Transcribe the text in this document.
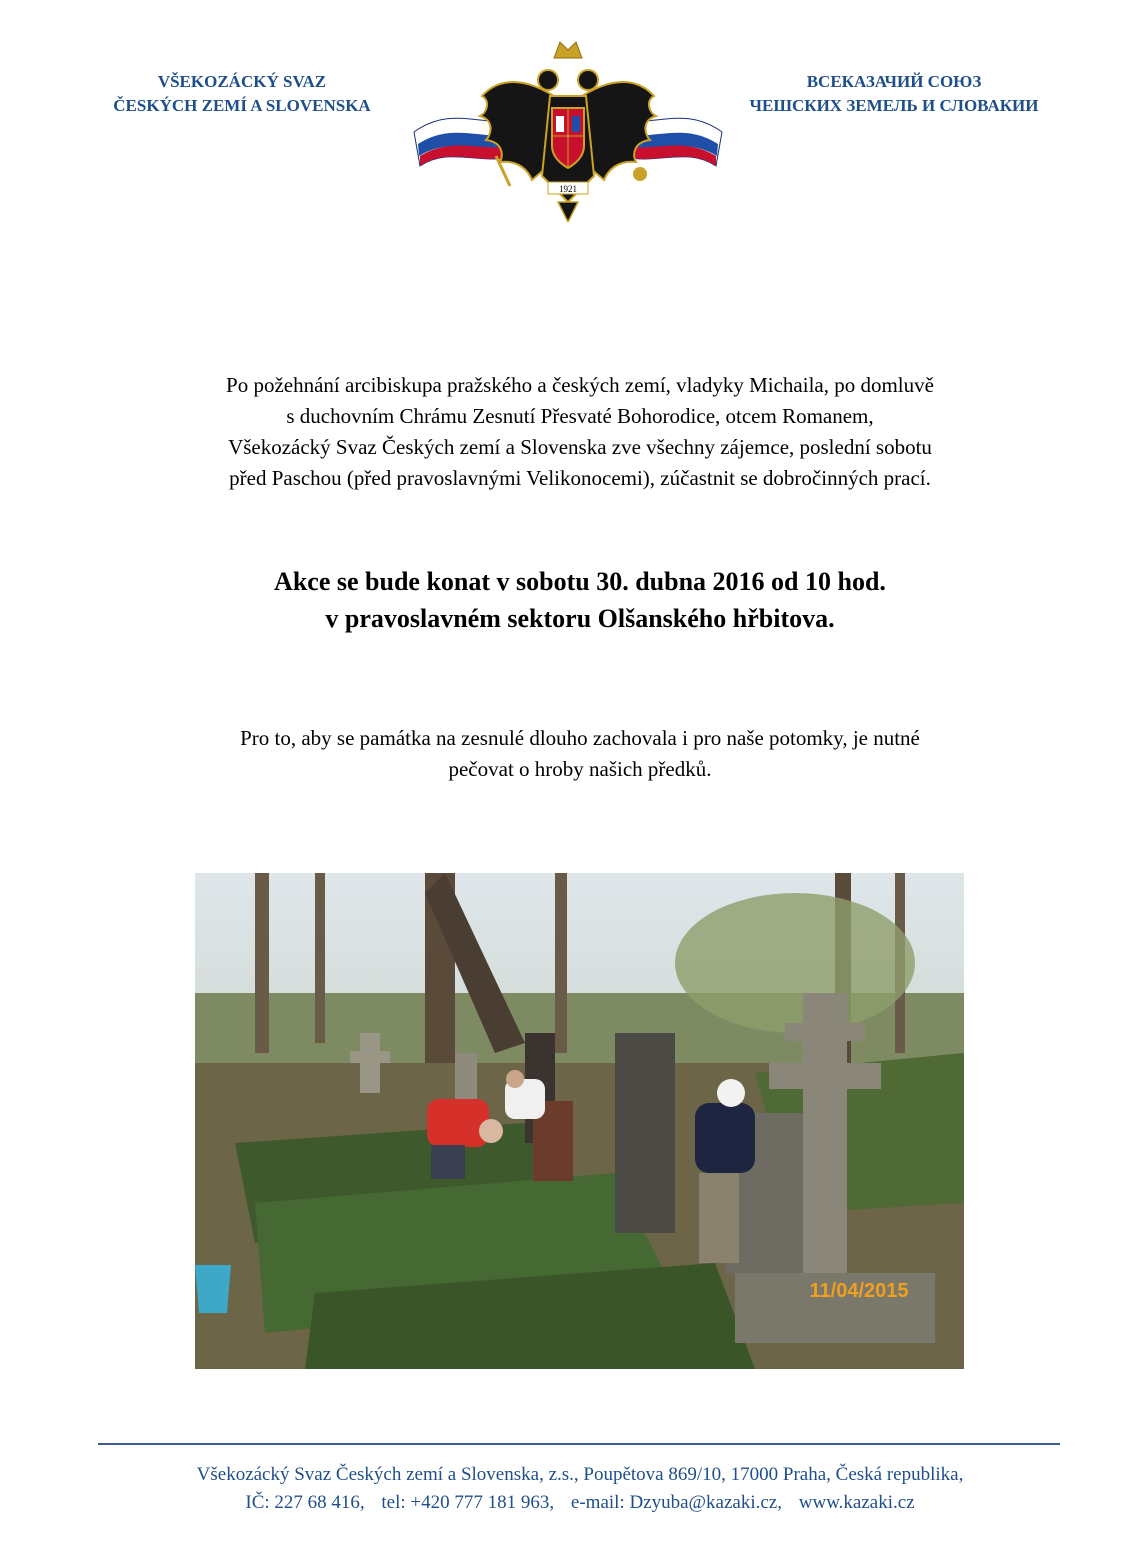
VŠEKOZÁCKÝ SVAZ
ČESKÝCH ZEMÍ A SLOVENSKA
1921
ВСЕКАЗАЧИЙ СОЮЗ
ЧЕШСКИХ ЗЕМЕЛЬ И СЛОВАКИИ
Po požehnání arcibiskupa pražského a českých zemí, vladyky Michaila, po domluvě
s duchovním Chrámu Zesnutí Přesvaté Bohorodice, otcem Romanem,
Všekozácký Svaz Českých zemí a Slovenska zve všechny zájemce, poslední sobotu
před Paschou (před pravoslavnými Velikonocemi), zúčastnit se dobročinných prací.
Akce se bude konat v sobotu 30. dubna 2016 od 10 hod.
v pravoslavném sektoru Olšanského hřbitova.
Pro to, aby se památka na zesnulé dlouho zachovala i pro naše potomky, je nutné
pečovat o hroby našich předků.
11/04/2015
Všekozácký Svaz Českých zemí a Slovenska, z.s., Poupětova 869/10, 17000 Praha, Česká republika,
IČ: 227 68 416, tel: +420 777 181 963, e-mail: Dzyuba@kazaki.cz, www.kazaki.cz
